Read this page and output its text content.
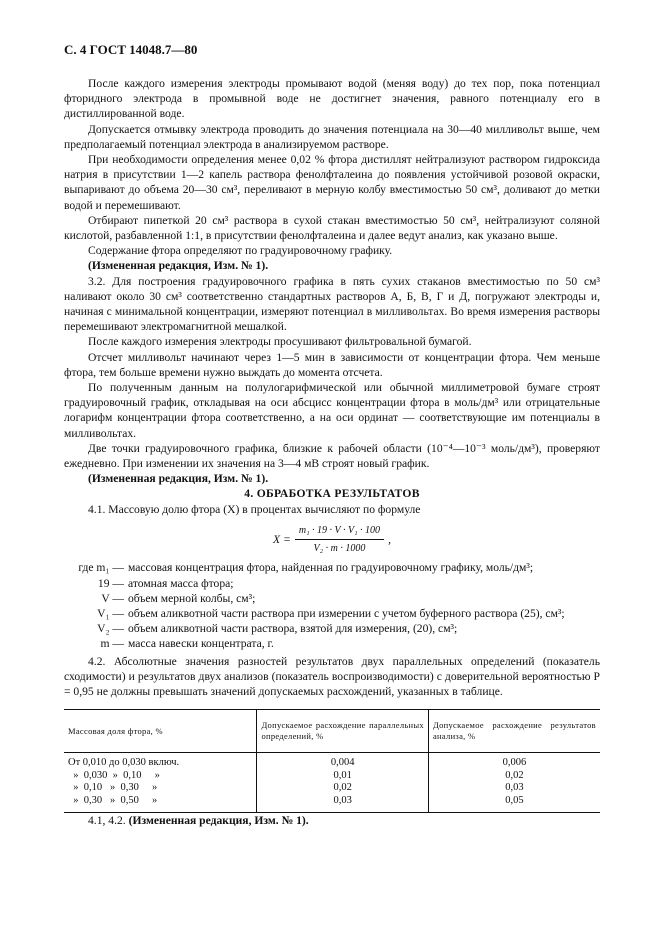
С. 4 ГОСТ 14048.7—80

После каждого измерения электроды промывают водой (меняя воду) до тех пор, пока потенциал фторидного электрода в промывной воде не достигнет значения, равного потенциалу его в дистиллированной воде.

Допускается отмывку электрода проводить до значения потенциала на 30—40 милливольт выше, чем предполагаемый потенциал электрода в анализируемом растворе.

При необходимости определения менее 0,02 % фтора дистиллят нейтрализуют раствором гидроксида натрия в присутствии 1—2 капель раствора фенолфталеина до появления устойчивой розовой окраски, выпаривают до объема 20—30 см³, переливают в мерную колбу вместимостью 50 см³, доливают до метки водой и перемешивают.

Отбирают пипеткой 20 см³ раствора в сухой стакан вместимостью 50 см³, нейтрализуют соляной кислотой, разбавленной 1:1, в присутствии фенолфталеина и далее ведут анализ, как указано выше.

Содержание фтора определяют по градуировочному графику.

(Измененная редакция, Изм. № 1).

3.2. Для построения градуировочного графика в пять сухих стаканов вместимостью по 50 см³ наливают около 30 см³ соответственно стандартных растворов А, Б, В, Г и Д, погружают электроды и, начиная с минимальной концентрации, измеряют потенциал в милливольтах. Во время измерения растворы перемешивают электромагнитной мешалкой.

После каждого измерения электроды просушивают фильтровальной бумагой.

Отсчет милливольт начинают через 1—5 мин в зависимости от концентрации фтора. Чем меньше фтора, тем больше времени нужно выждать до момента отсчета.

По полученным данным на полулогарифмической или обычной миллиметровой бумаге строят градуировочный график, откладывая на оси абсцисс концентрации фтора в моль/дм³ или отрицательные логарифм концентрации фтора соответственно, а на оси ординат — соответствующие им потенциалы в милливольтах.

Две точки градуировочного графика, близкие к рабочей области (10⁻⁴—10⁻³ моль/дм³), проверяют ежедневно. При изменении их значения на 3—4 мВ строят новый график.

(Измененная редакция, Изм. № 1).

4. ОБРАБОТКА РЕЗУЛЬТАТОВ

4.1. Массовую долю фтора (X) в процентах вычисляют по формуле

$X = \frac{\text{m₁ · 19 · V · V₁ · 100}}{\text{V₂ · m · 1000}}$ ,
где m₁ — массовая концентрация фтора, найденная по градуировочному графику, моль/дм³;
19 — атомная масса фтора;
V — объем мерной колбы, см³;
V₁ — объем аликвотной части раствора при измерении с учетом буферного раствора (25), см³;
V₂ — объем аликвотной части раствора, взятой для измерения, (20), см³;
m — масса навески концентрата, г.

4.2. Абсолютные значения разностей результатов двух параллельных определений (показатель сходимости) и результатов двух анализов (показатель воспроизводимости) с доверительной вероятностью P = 0,95 не должны превышать значений допускаемых расхождений, указанных в таблице.

Массовая доля фтора, %	Допускаемое расхождение параллельных определений, %	Допускаемое расхождение результатов анализа, %
От 0,010 до 0,030 включ.	0,004	0,006
»  0,030  »  0,10     »	0,01	0,02
»  0,10   »  0,30     »	0,02	0,03
»  0,30   »  0,50     »	0,03	0,05

4.1, 4.2. (Измененная редакция, Изм. № 1).
